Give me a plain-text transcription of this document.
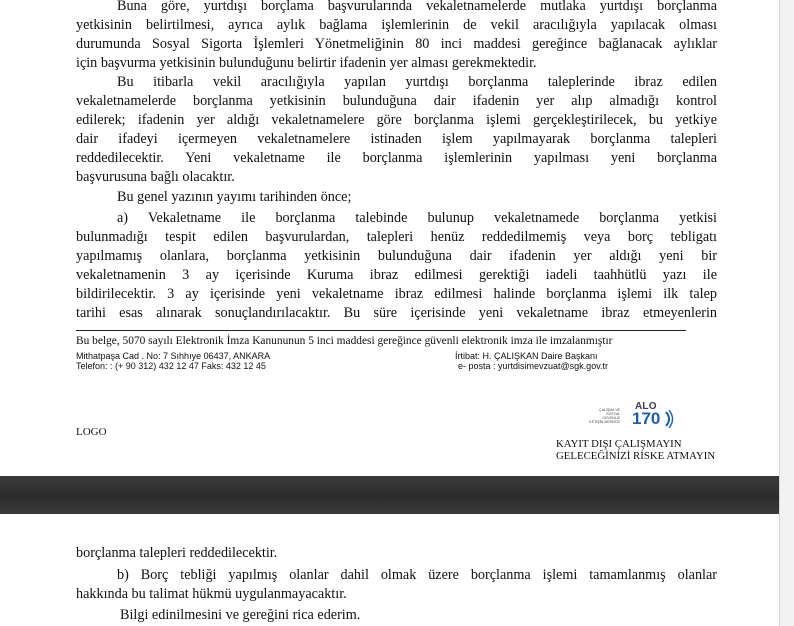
Buna göre, yurtdışı borçlama başvurularında vekaletnamelerde mutlaka yurtdışı borçlanma
yetkisinin belirtilmesi, ayrıca aylık bağlama işlemlerinin de vekil aracılığıyla yapılacak olması
durumunda Sosyal Sigorta İşlemleri Yönetmeliğinin 80 inci maddesi gereğince bağlanacak aylıklar
için başvurma yetkisinin bulunduğunu belirtir ifadenin yer alması gerekmektedir.
Bu itibarla vekil aracılığıyla yapılan yurtdışı borçlanma taleplerinde ibraz edilen
vekaletnamelerde borçlanma yetkisinin bulunduğuna dair ifadenin yer alıp almadığı kontrol
edilerek; ifadenin yer aldığı vekaletnamelere göre borçlanma işlemi gerçekleştirilecek, bu yetkiye
dair ifadeyi içermeyen vekaletnamelere istinaden işlem yapılmayarak borçlanma talepleri
reddedilecektir. Yeni vekaletname ile borçlanma işlemlerinin yapılması yeni borçlanma
başvurusuna bağlı olacaktır.
Bu genel yazının yayımı tarihinden önce;
a) Vekaletname ile borçlanma talebinde bulunup vekaletnamede borçlanma yetkisi
bulunmadığı tespit edilen başvurulardan, talepleri henüz reddedilmemiş veya borç tebligatı
yapılmamış olanlara, borçlanma yetkisinin bulunduğuna dair ifadenin yer aldığı yeni bir
vekaletnamenin 3 ay içerisinde Kuruma ibraz edilmesi gerektiği iadeli taahhütlü yazı ile
bildirilecektir. 3 ay içerisinde yeni vekaletname ibraz edilmesi halinde borçlanma işlemi ilk talep
tarihi esas alınarak sonuçlandırılacaktır. Bu süre içerisinde yeni vekaletname ibraz etmeyenlerin
Bu belge, 5070 sayılı Elektronik İmza Kanununun 5 inci maddesi gereğince güvenli elektronik imza ile imzalanmıştır
Mithatpaşa Cad . No: 7 Sıhhıye 06437, ANKARA
Telefon: : (+ 90 312) 432 12 47 Faks: 432 12 45
İrtibat: H. ÇALIŞKAN Daire Başkanı
e- posta : yurtdisimevzuat@sgk.gov.tr
LOGO
ÇALIŞMA VE SOSYAL GÜVENLİK İLETİŞİM MERKEZİ
ALO
170
KAYIT DIŞI ÇALIŞMAYIN
GELECEĞİNİZİ RİSKE ATMAYIN
borçlanma talepleri reddedilecektir.
b) Borç tebliği yapılmış olanlar dahil olmak üzere borçlanma işlemi tamamlanmış olanlar
hakkında bu talimat hükmü uygulanmayacaktır.
Bilgi edinilmesini ve gereğini rica ederim.
